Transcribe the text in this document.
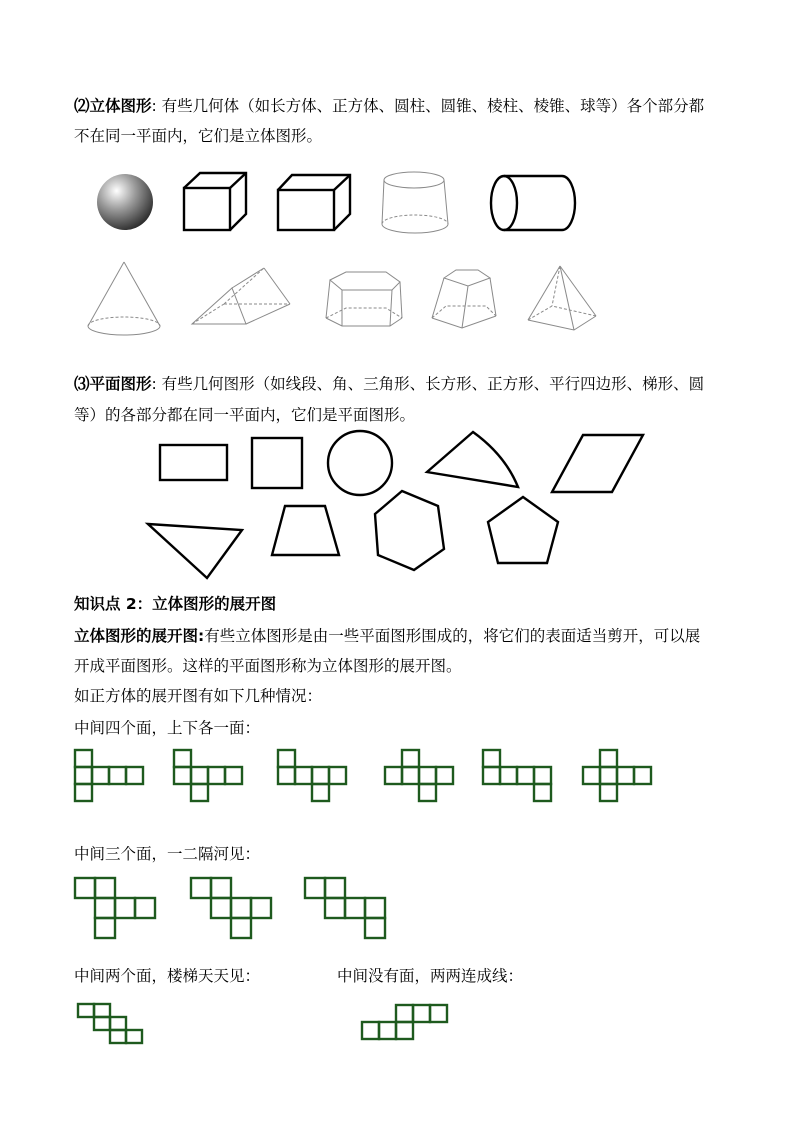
⑵立体图形: 有些几何体（如长方体、正方体、圆柱、圆锥、棱柱、棱锥、球等）各个部分都
不在同一平面内，它们是立体图形。
⑶平面图形: 有些几何图形（如线段、角、三角形、长方形、正方形、平行四边形、梯形、圆
等）的各部分都在同一平面内，它们是平面图形。
知识点 2：立体图形的展开图
立体图形的展开图:有些立体图形是由一些平面图形围成的，将它们的表面适当剪开，可以展
开成平面图形。这样的平面图形称为立体图形的展开图。
如正方体的展开图有如下几种情况：
中间四个面，上下各一面：
中间三个面，一二隔河见：
中间两个面，楼梯天天见：	中间没有面，两两连成线：
